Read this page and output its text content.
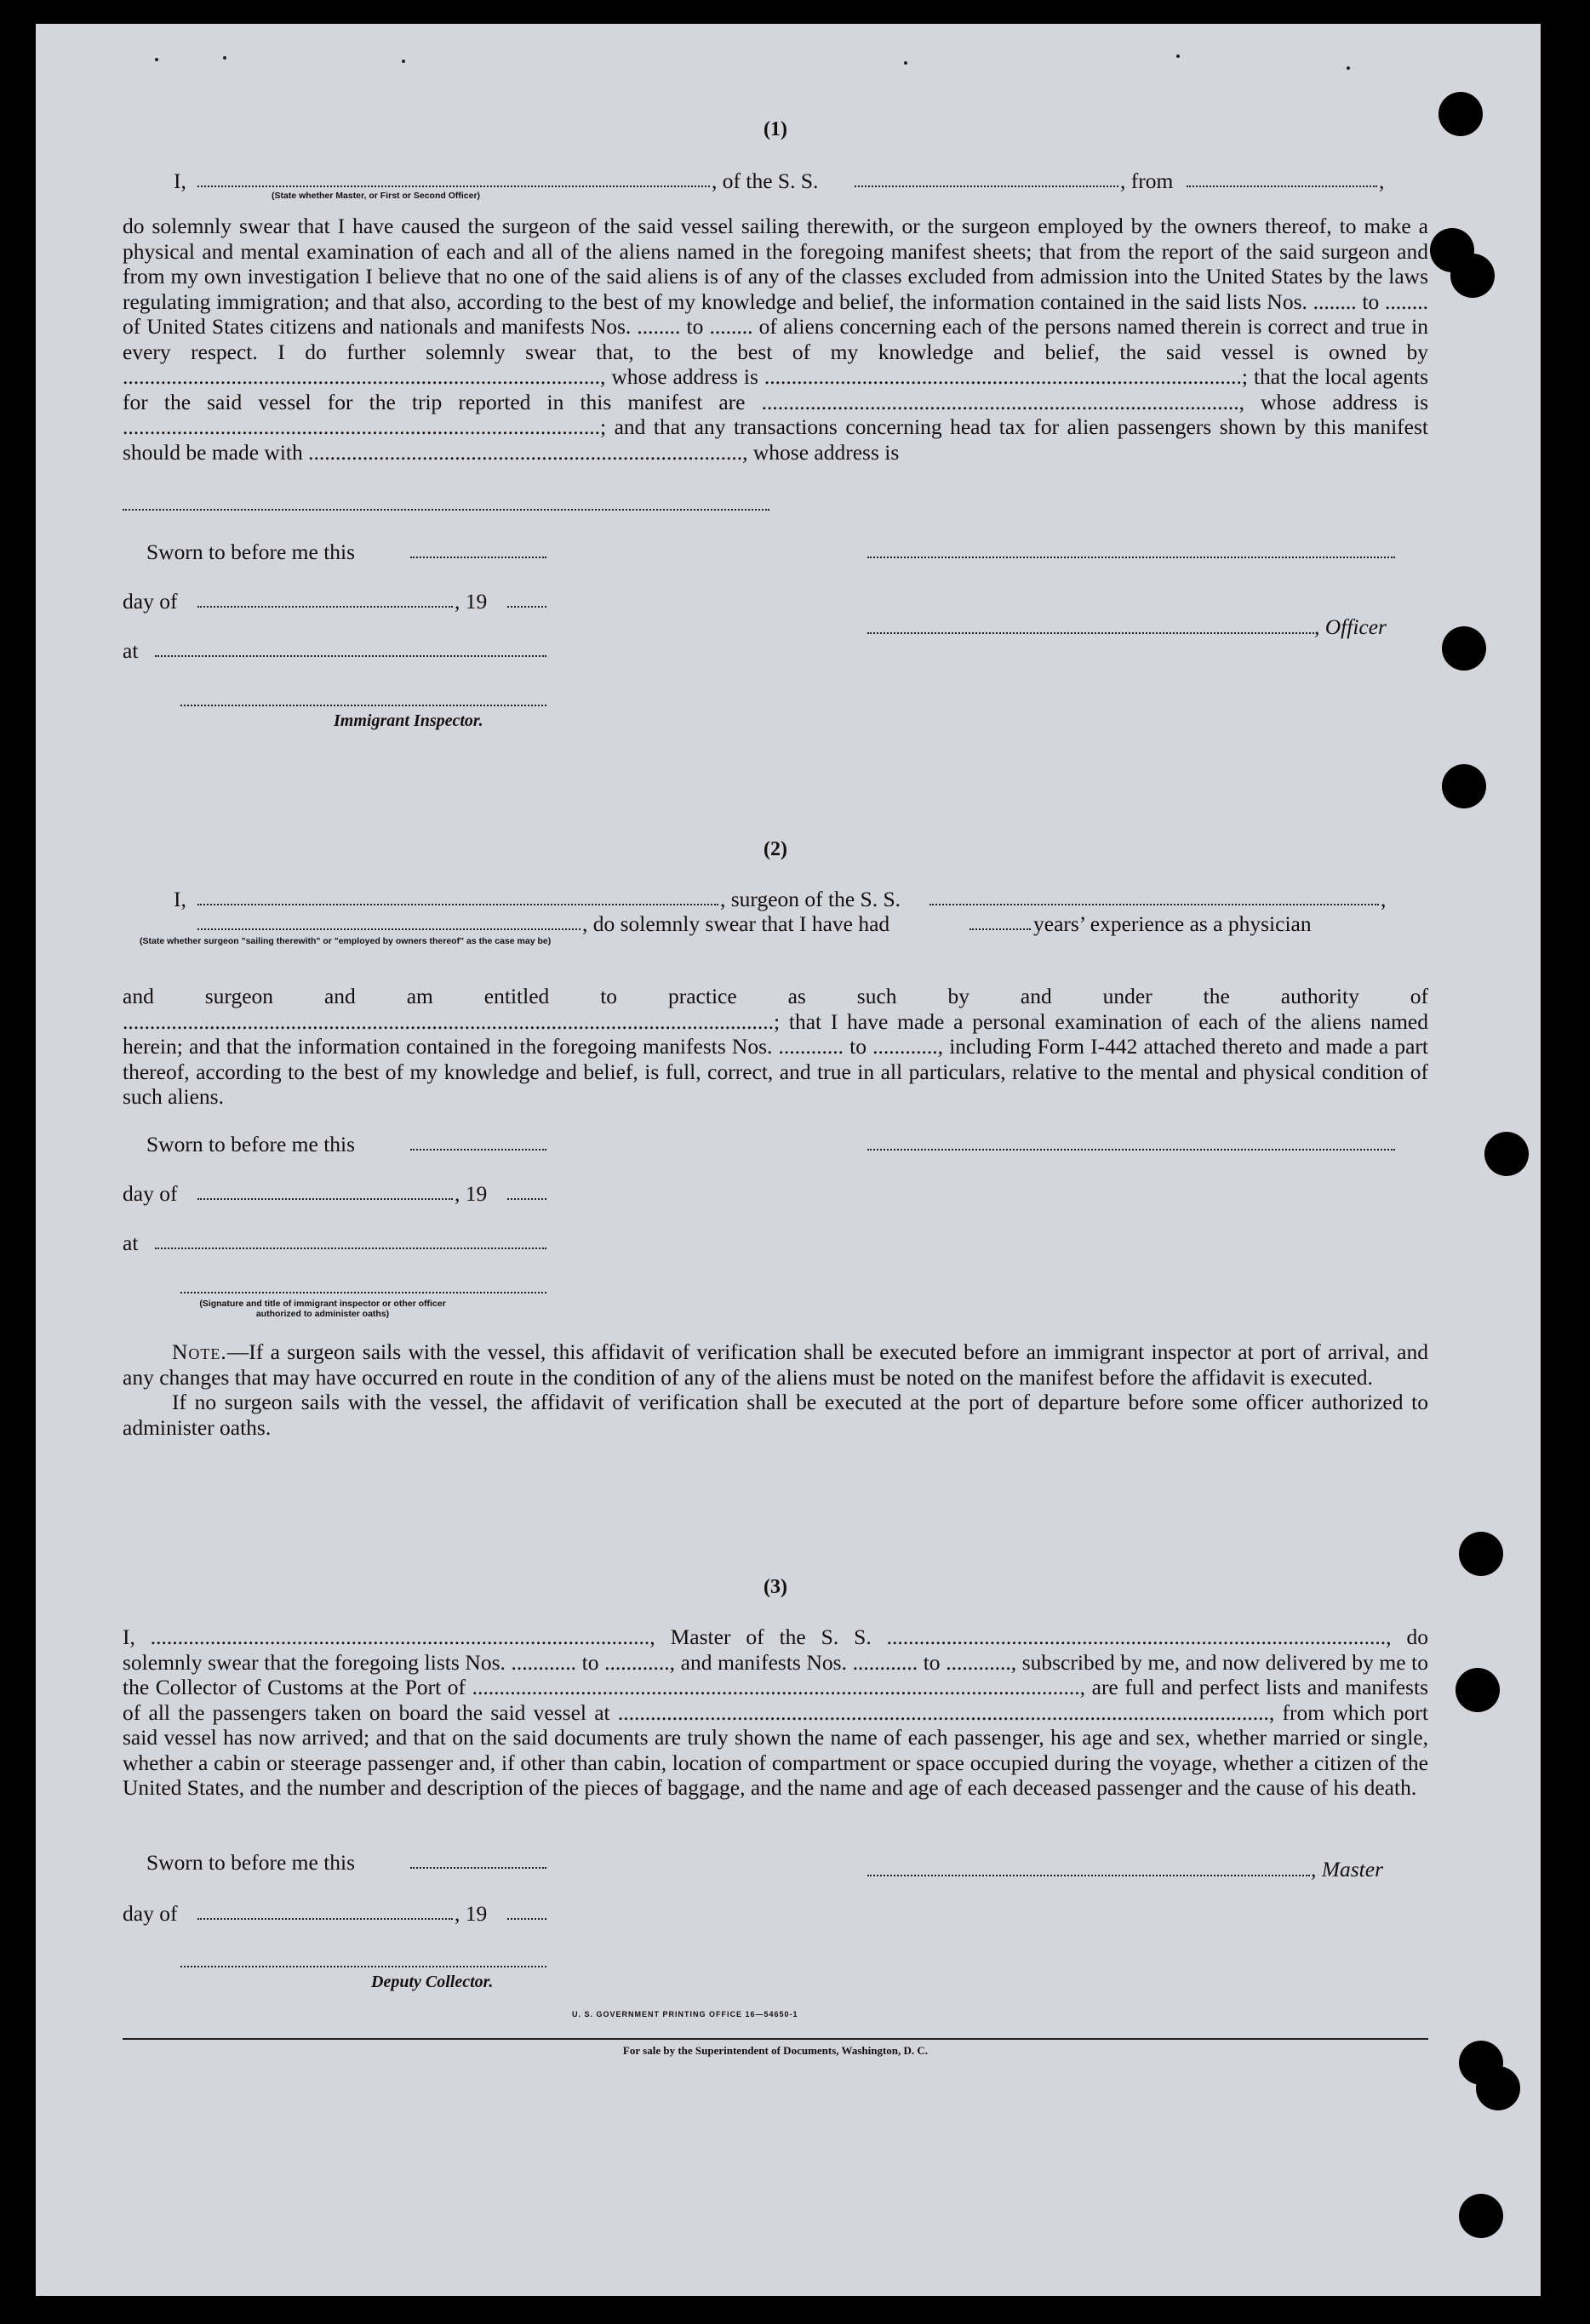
(1)
I,	, of the S. S.	, from	,
(State whether Master, or First or Second Officer)

do solemnly swear that I have caused the surgeon of the said vessel sailing therewith, or the surgeon employed by the owners thereof, to make a physical and mental examination of each and all of the aliens named in the foregoing manifest sheets; that from the report of the said surgeon and from my own investigation I believe that no one of the said aliens is of any of the classes excluded from admission into the United States by the laws regulating immigration; and that also, according to the best of my knowledge and belief, the information contained in the said lists Nos. ........ to ........ of United States citizens and nationals and manifests Nos. ........ to ........ of aliens concerning each of the persons named therein is correct and true in every respect. I do further solemnly swear that, to the best of my knowledge and belief, the said vessel is owned by ........................................................................................, whose address is ........................................................................................; that the local agents for the said vessel for the trip reported in this manifest are ........................................................................................, whose address is ........................................................................................; and that any transactions concerning head tax for alien passengers shown by this manifest should be made with ................................................................................, whose address is

Sworn to before me this
day of	, 19
, Officer
at
Immigrant Inspector.
(2)
I,	, surgeon of the S. S.	,
, do solemnly swear that I have had	years’ experience as a physician
(State whether surgeon "sailing therewith" or "employed by owners thereof" as the case may be)

and surgeon and am entitled to practice as such by and under the authority of ........................................................................................................................; that I have made a personal examination of each of the aliens named herein; and that the information contained in the foregoing manifests Nos. ............ to ............, including Form I-442 attached thereto and made a part thereof, according to the best of my knowledge and belief, is full, correct, and true in all particulars, relative to the mental and physical condition of such aliens.

Sworn to before me this
day of	, 19
at
(Signature and title of immigrant inspector or other officer authorized to administer oaths)

Note.—If a surgeon sails with the vessel, this affidavit of verification shall be executed before an immigrant inspector at port of arrival, and any changes that may have occurred en route in the condition of any of the aliens must be noted on the manifest before the affidavit is executed.

If no surgeon sails with the vessel, the affidavit of verification shall be executed at the port of departure before some officer authorized to administer oaths.

(3)

I, ............................................................................................, Master of the S. S. ............................................................................................, do solemnly swear that the foregoing lists Nos. ............ to ............, and manifests Nos. ............ to ............, subscribed by me, and now delivered by me to the Collector of Customs at the Port of ................................................................................................................, are full and perfect lists and manifests of all the passengers taken on board the said vessel at ........................................................................................................................, from which port said vessel has now arrived; and that on the said documents are truly shown the name of each passenger, his age and sex, whether married or single, whether a cabin or steerage passenger and, if other than cabin, location of compartment or space occupied during the voyage, whether a citizen of the United States, and the number and description of the pieces of baggage, and the name and age of each deceased passenger and the cause of his death.

Sworn to before me this	, Master
day of	, 19
Deputy Collector.
U. S. GOVERNMENT PRINTING OFFICE 16—54650-1
For sale by the Superintendent of Documents, Washington, D. C.
